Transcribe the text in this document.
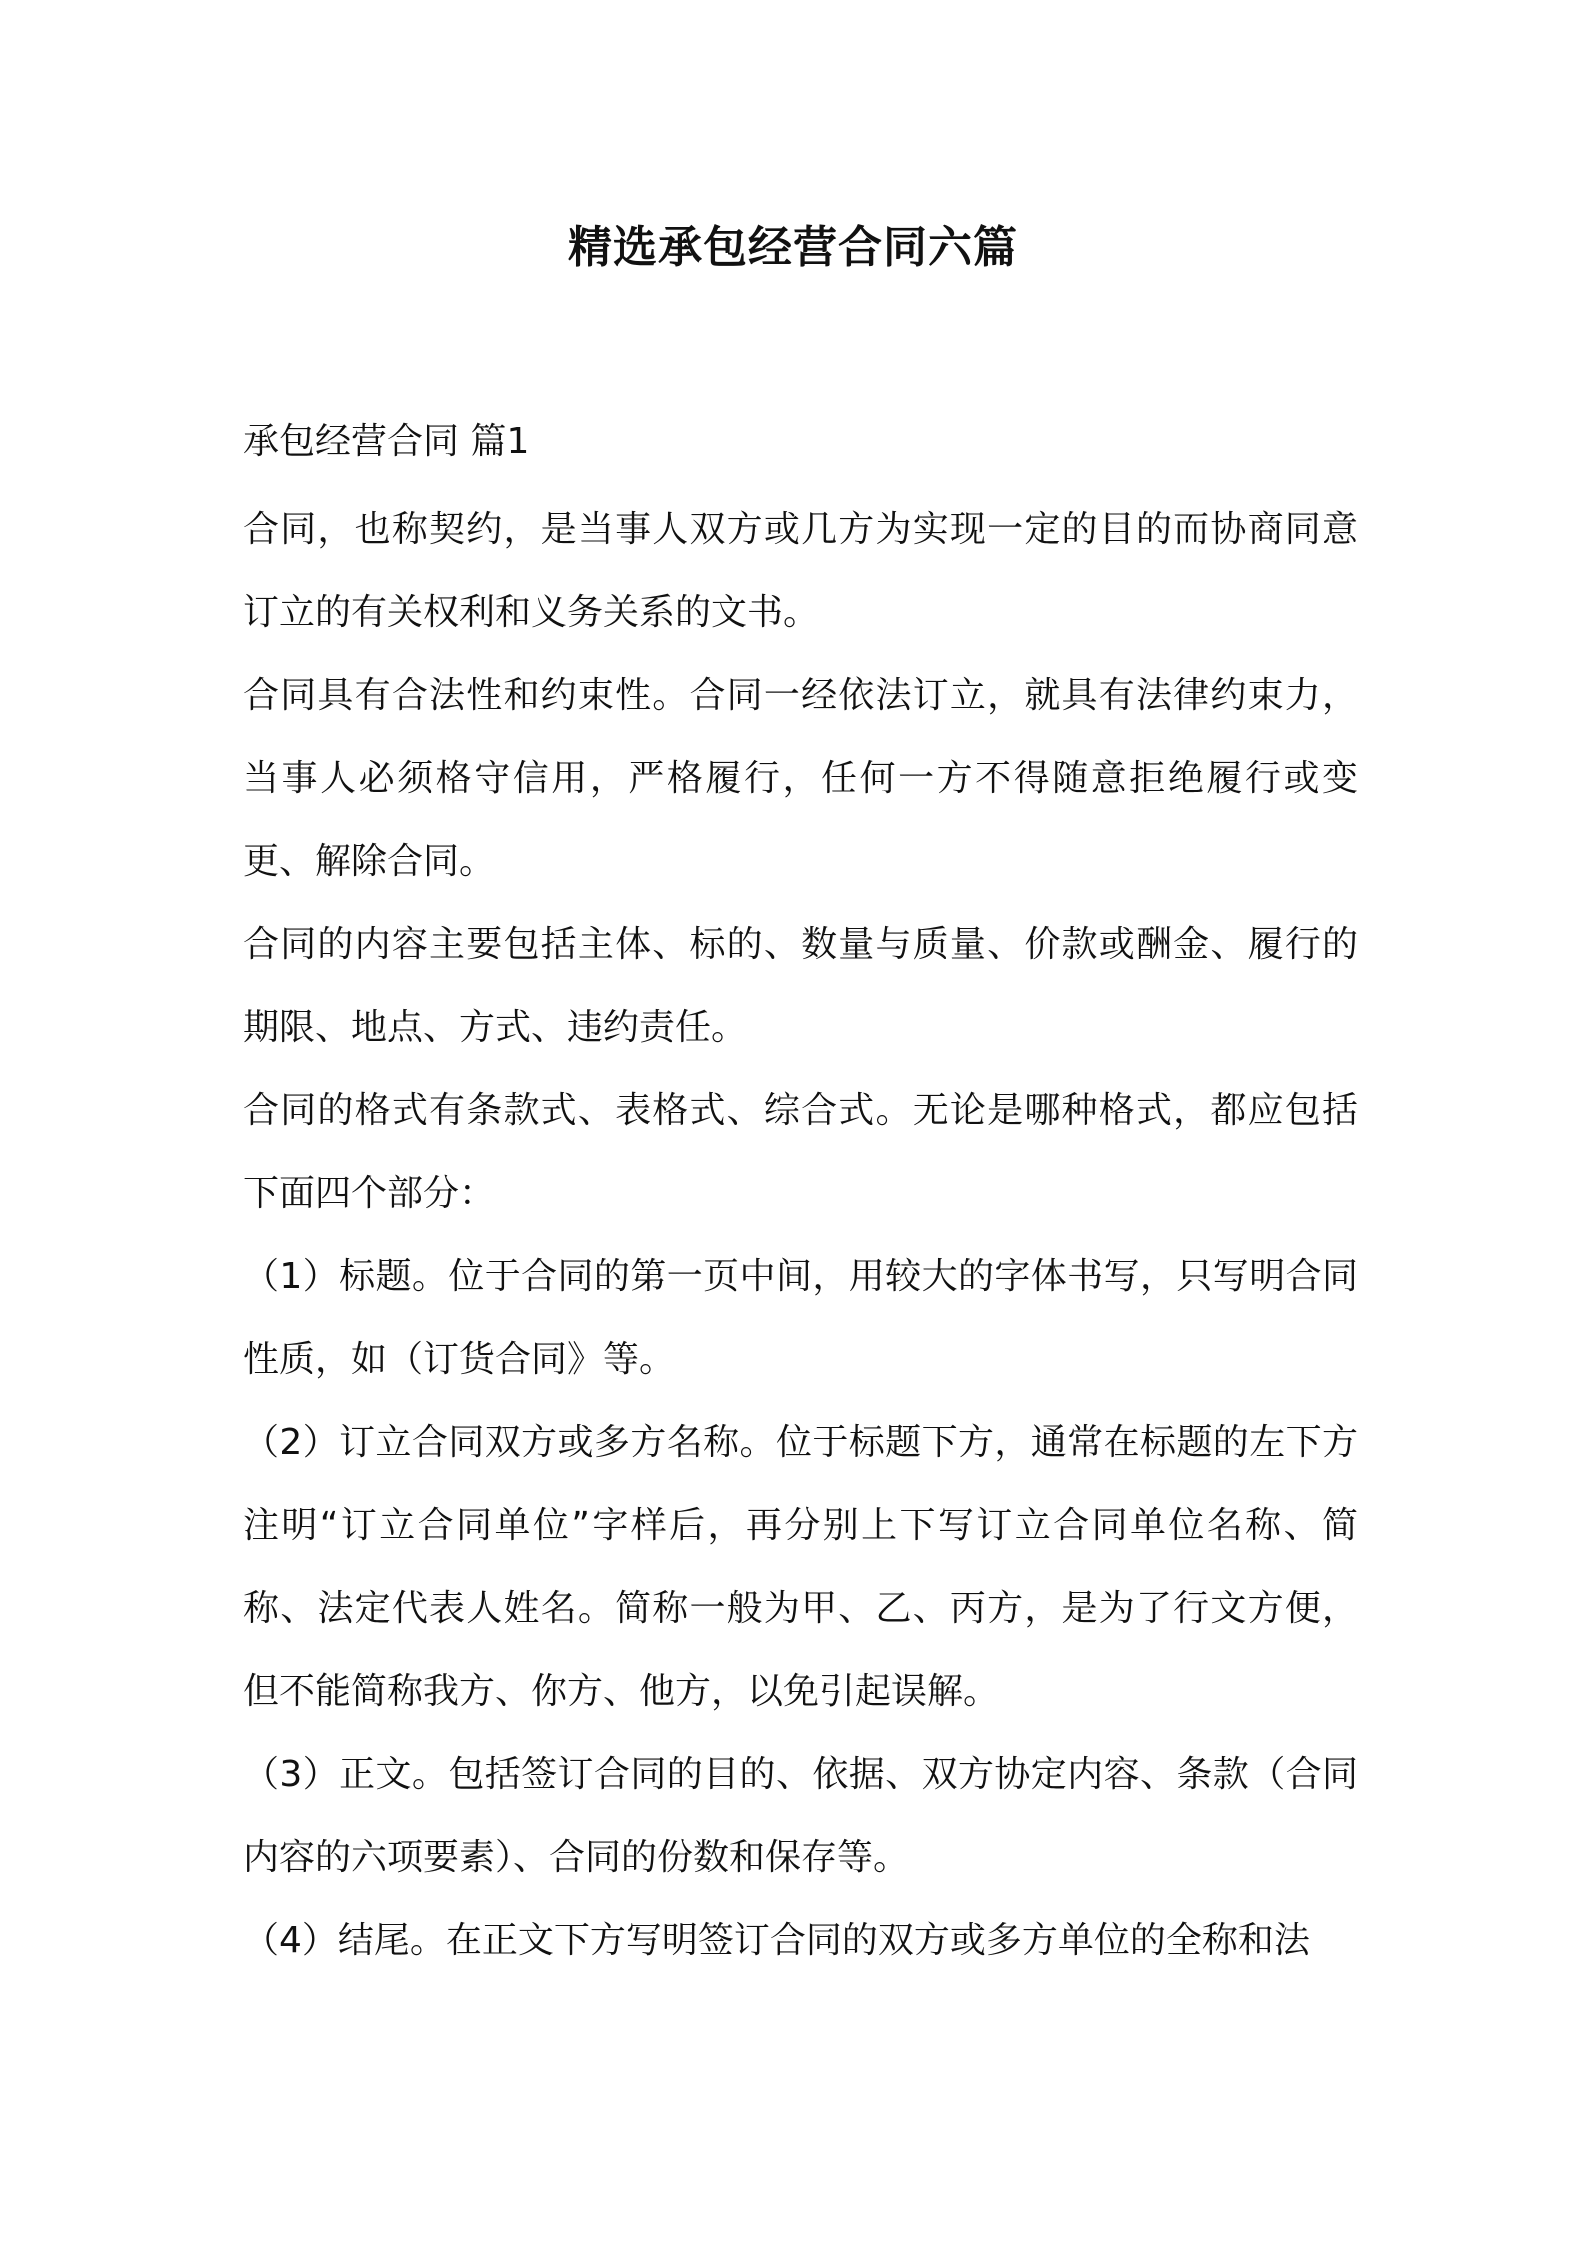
精选承包经营合同六篇
承包经营合同 篇1

合同，也称契约，是当事人双方或几方为实现一定的目的而协商同意订立的有关权利和义务关系的文书。

合同具有合法性和约束性。合同一经依法订立，就具有法律约束力，当事人必须格守信用，严格履行，任何一方不得随意拒绝履行或变更、解除合同。

合同的内容主要包括主体、标的、数量与质量、价款或酬金、履行的期限、地点、方式、违约责任。

合同的格式有条款式、表格式、综合式。无论是哪种格式，都应包括下面四个部分：

（1）标题。位于合同的第一页中间，用较大的字体书写，只写明合同性质，如（订货合同》等。

（2）订立合同双方或多方名称。位于标题下方，通常在标题的左下方注明“订立合同单位”字样后，再分别上下写订立合同单位名称、简称、法定代表人姓名。简称一般为甲、乙、丙方，是为了行文方便，但不能简称我方、你方、他方，以免引起误解。

（3）正文。包括签订合同的目的、依据、双方协定内容、条款（合同内容的六项要素）、合同的份数和保存等。

（4）结尾。在正文下方写明签订合同的双方或多方单位的全称和法
